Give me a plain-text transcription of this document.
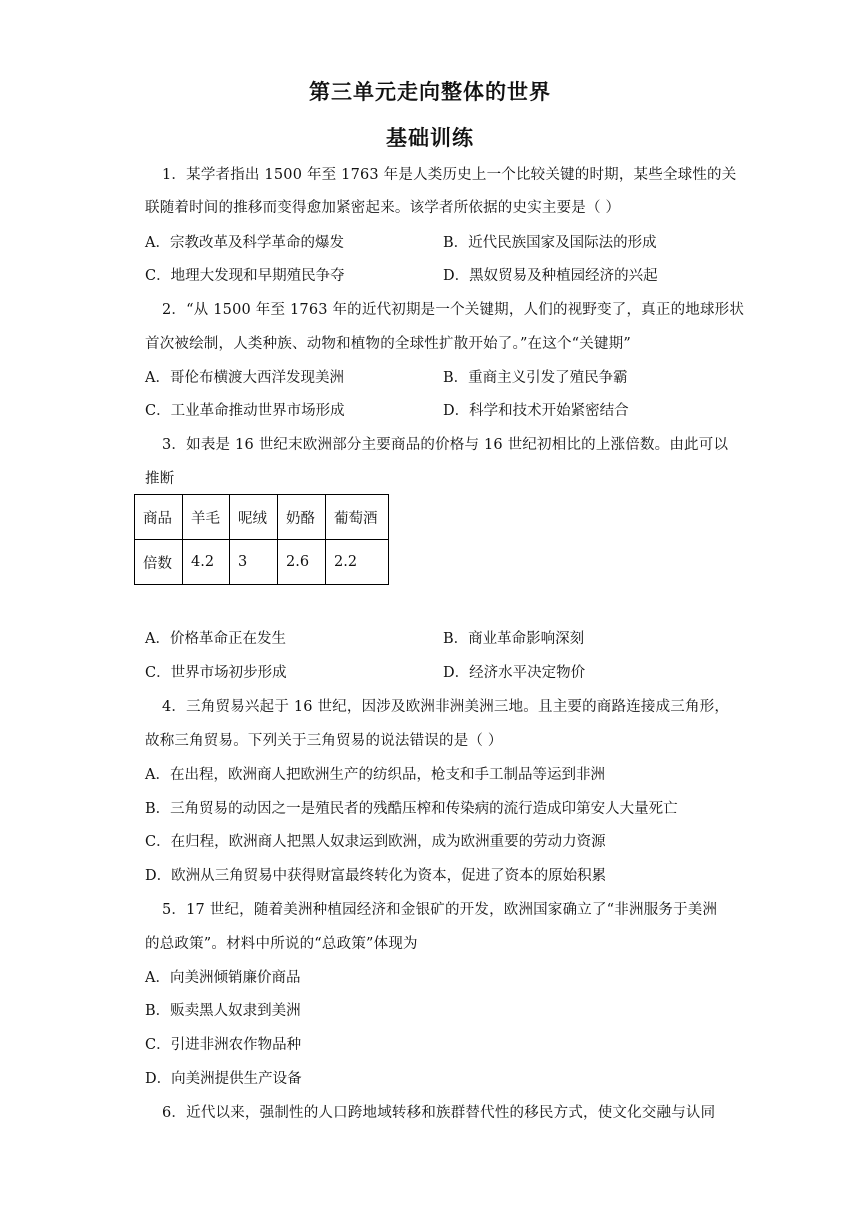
第三单元走向整体的世界
基础训练
1．某学者指出 1500 年至 1763 年是人类历史上一个比较关键的时期，某些全球性的关
联随着时间的推移而变得愈加紧密起来。该学者所依据的史实主要是（ ）
A．宗教改革及科学革命的爆发	B．近代民族国家及国际法的形成
C．地理大发现和早期殖民争夺	D．黑奴贸易及种植园经济的兴起
2．“从 1500 年至 1763 年的近代初期是一个关键期，人们的视野变了，真正的地球形状
首次被绘制，人类种族、动物和植物的全球性扩散开始了。”在这个“关键期”
A．哥伦布横渡大西洋发现美洲	B．重商主义引发了殖民争霸
C．工业革命推动世界市场形成	D．科学和技术开始紧密结合
3．如表是 16 世纪末欧洲部分主要商品的价格与 16 世纪初相比的上涨倍数。由此可以
推断
商品	羊毛	呢绒	奶酪	葡萄酒
倍数	4.2	3	2.6	2.2
A．价格革命正在发生	B．商业革命影响深刻
C．世界市场初步形成	D．经济水平决定物价
4．三角贸易兴起于 16 世纪，因涉及欧洲非洲美洲三地。且主要的商路连接成三角形，
故称三角贸易。下列关于三角贸易的说法错误的是（ ）
A．在出程，欧洲商人把欧洲生产的纺织品，枪支和手工制品等运到非洲
B．三角贸易的动因之一是殖民者的残酷压榨和传染病的流行造成印第安人大量死亡
C．在归程，欧洲商人把黑人奴隶运到欧洲，成为欧洲重要的劳动力资源
D．欧洲从三角贸易中获得财富最终转化为资本，促进了资本的原始积累
5．17 世纪，随着美洲种植园经济和金银矿的开发，欧洲国家确立了“非洲服务于美洲
的总政策”。材料中所说的“总政策”体现为
A．向美洲倾销廉价商品
B．贩卖黑人奴隶到美洲
C．引进非洲农作物品种
D．向美洲提供生产设备
6．近代以来，强制性的人口跨地域转移和族群替代性的移民方式，使文化交融与认同
